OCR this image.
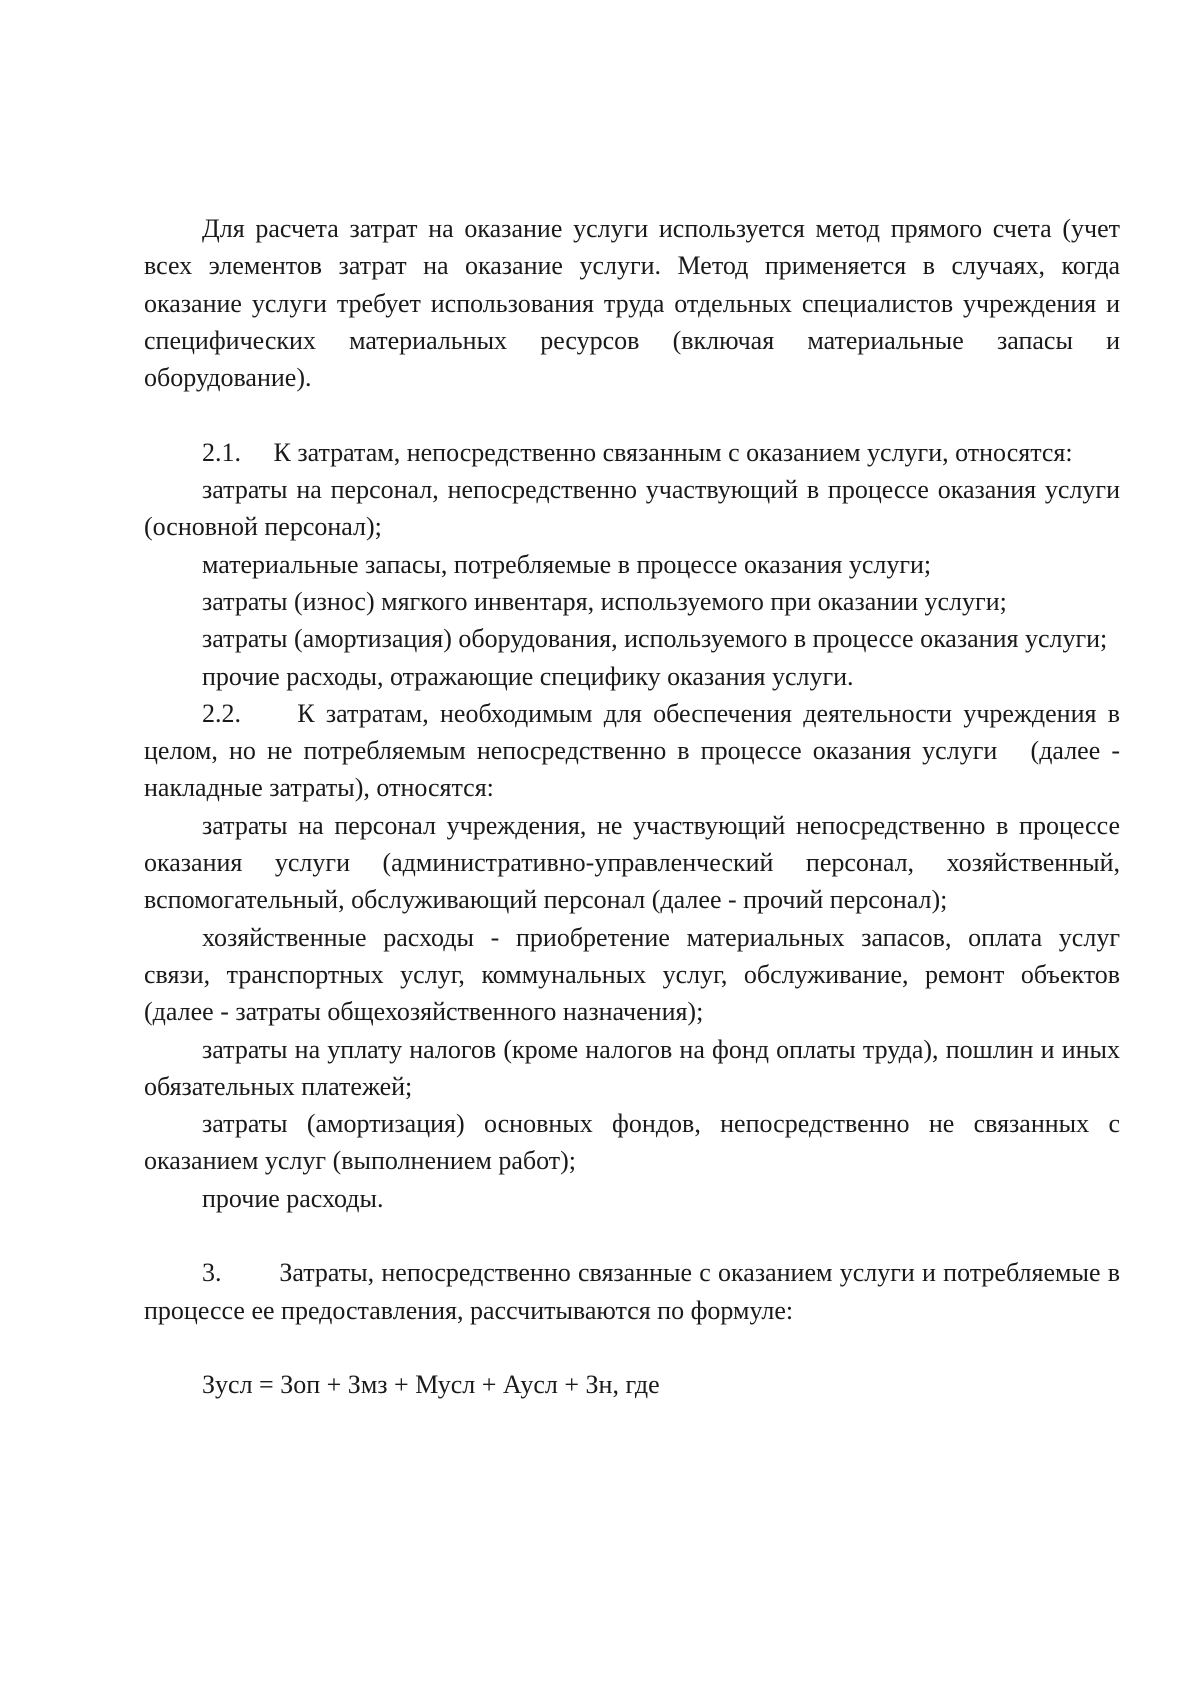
Для расчета затрат на оказание услуги используется метод прямого счета (учет всех элементов затрат на оказание услуги. Метод применяется в случаях, когда оказание услуги требует использования труда отдельных специалистов учреждения и специфических материальных ресурсов (включая материальные запасы и оборудование).

2.1.     К затратам, непосредственно связанным с оказанием услуги, относятся:

затраты на персонал, непосредственно участвующий в процессе оказания услуги (основной персонал);

материальные запасы, потребляемые в процессе оказания услуги;

затраты (износ) мягкого инвентаря, используемого при оказании услуги;

затраты (амортизация) оборудования, используемого в процессе оказания услуги;

прочие расходы, отражающие специфику оказания услуги.

2.2.     К затратам, необходимым для обеспечения деятельности учреждения в целом, но не потребляемым непосредственно в процессе оказания услуги   (далее - накладные затраты), относятся:

затраты на персонал учреждения, не участвующий непосредственно в процессе оказания услуги (административно-управленческий персонал, хозяйственный, вспомогательный, обслуживающий персонал (далее - прочий персонал);

хозяйственные расходы - приобретение материальных запасов, оплата услуг связи, транспортных услуг, коммунальных услуг, обслуживание, ремонт объектов (далее - затраты общехозяйственного назначения);

затраты на уплату налогов (кроме налогов на фонд оплаты труда), пошлин и иных обязательных платежей;

затраты (амортизация) основных фондов, непосредственно не связанных с оказанием услуг (выполнением работ);

прочие расходы.

3.        Затраты, непосредственно связанные с оказанием услуги и потребляемые в процессе ее предоставления, рассчитываются по формуле:

Зусл = Зоп + Змз + Мусл + Аусл + Зн, где
